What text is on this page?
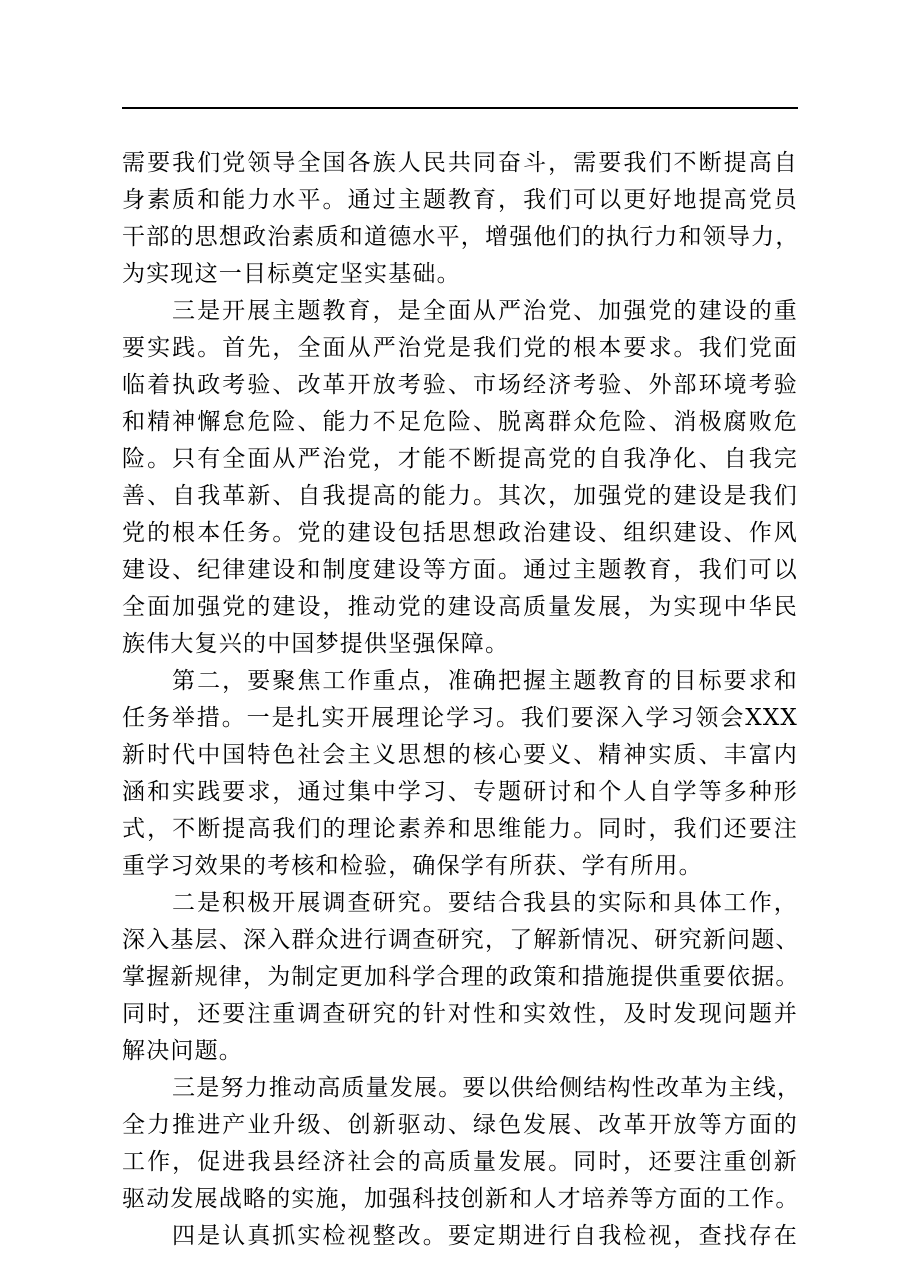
需要我们党领导全国各族人民共同奋斗，需要我们不断提高自
身素质和能力水平。通过主题教育，我们可以更好地提高党员
干部的思想政治素质和道德水平，增强他们的执行力和领导力，
为实现这一目标奠定坚实基础。
三是开展主题教育，是全面从严治党、加强党的建设的重
要实践。首先，全面从严治党是我们党的根本要求。我们党面
临着执政考验、改革开放考验、市场经济考验、外部环境考验
和精神懈怠危险、能力不足危险、脱离群众危险、消极腐败危
险。只有全面从严治党，才能不断提高党的自我净化、自我完
善、自我革新、自我提高的能力。其次，加强党的建设是我们
党的根本任务。党的建设包括思想政治建设、组织建设、作风
建设、纪律建设和制度建设等方面。通过主题教育，我们可以
全面加强党的建设，推动党的建设高质量发展，为实现中华民
族伟大复兴的中国梦提供坚强保障。
第二，要聚焦工作重点，准确把握主题教育的目标要求和
任务举措。一是扎实开展理论学习。我们要深入学习领会XXX
新时代中国特色社会主义思想的核心要义、精神实质、丰富内
涵和实践要求，通过集中学习、专题研讨和个人自学等多种形
式，不断提高我们的理论素养和思维能力。同时，我们还要注
重学习效果的考核和检验，确保学有所获、学有所用。
二是积极开展调查研究。要结合我县的实际和具体工作，
深入基层、深入群众进行调查研究，了解新情况、研究新问题、
掌握新规律，为制定更加科学合理的政策和措施提供重要依据。
同时，还要注重调查研究的针对性和实效性，及时发现问题并
解决问题。
三是努力推动高质量发展。要以供给侧结构性改革为主线，
全力推进产业升级、创新驱动、绿色发展、改革开放等方面的
工作，促进我县经济社会的高质量发展。同时，还要注重创新
驱动发展战略的实施，加强科技创新和人才培养等方面的工作。
四是认真抓实检视整改。要定期进行自我检视，查找存在
